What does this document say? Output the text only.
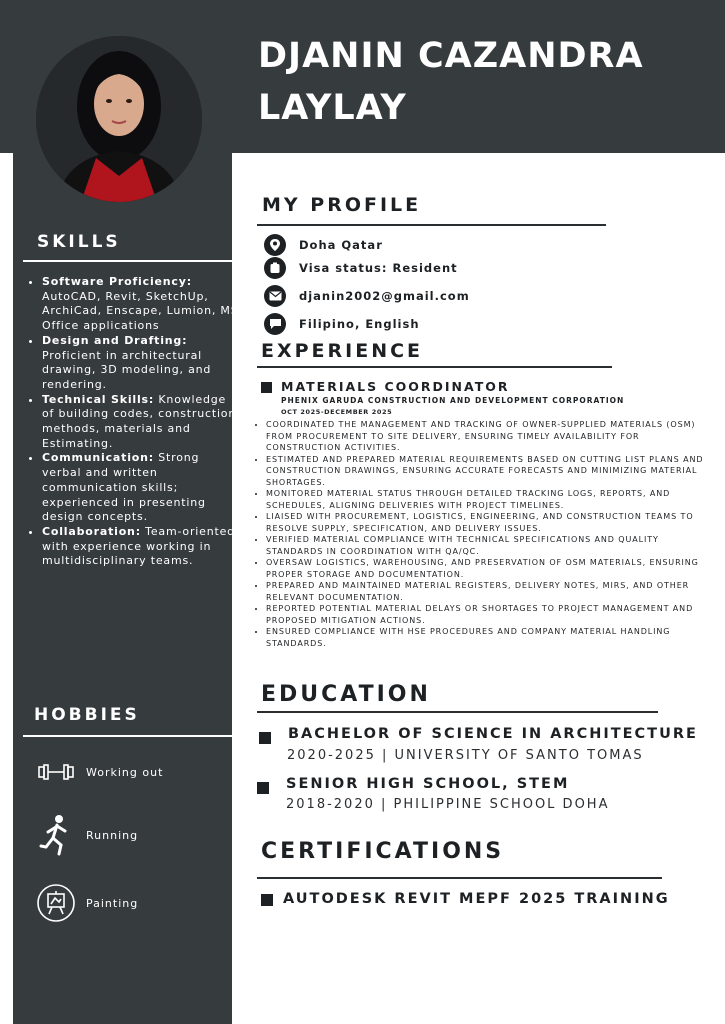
DJANIN CAZANDRA
LAYLAY
SKILLS
• Software Proficiency: AutoCAD, Revit, SketchUp, ArchiCad, Enscape, Lumion, MS Office applications
• Design and Drafting: Proficient in architectural drawing, 3D modeling, and rendering.
• Technical Skills: Knowledge of building codes, construction methods, materials and Estimating.
• Communication: Strong verbal and written communication skills; experienced in presenting design concepts.
• Collaboration: Team-oriented with experience working in multidisciplinary teams.
HOBBIES
Working out
Running
Painting
MY PROFILE
Doha Qatar
Visa status: Resident
djanin2002@gmail.com
Filipino, English
EXPERIENCE
MATERIALS COORDINATOR
PHENIX GARUDA CONSTRUCTION AND DEVELOPMENT CORPORATION
OCT 2025-DECEMBER 2025
• COORDINATED THE MANAGEMENT AND TRACKING OF OWNER-SUPPLIED MATERIALS (OSM) FROM PROCUREMENT TO SITE DELIVERY, ENSURING TIMELY AVAILABILITY FOR CONSTRUCTION ACTIVITIES.
• ESTIMATED AND PREPARED MATERIAL REQUIREMENTS BASED ON CUTTING LIST PLANS AND CONSTRUCTION DRAWINGS, ENSURING ACCURATE FORECASTS AND MINIMIZING MATERIAL SHORTAGES.
• MONITORED MATERIAL STATUS THROUGH DETAILED TRACKING LOGS, REPORTS, AND SCHEDULES, ALIGNING DELIVERIES WITH PROJECT TIMELINES.
• LIAISED WITH PROCUREMENT, LOGISTICS, ENGINEERING, AND CONSTRUCTION TEAMS TO RESOLVE SUPPLY, SPECIFICATION, AND DELIVERY ISSUES.
• VERIFIED MATERIAL COMPLIANCE WITH TECHNICAL SPECIFICATIONS AND QUALITY STANDARDS IN COORDINATION WITH QA/QC.
• OVERSAW LOGISTICS, WAREHOUSING, AND PRESERVATION OF OSM MATERIALS, ENSURING PROPER STORAGE AND DOCUMENTATION.
• PREPARED AND MAINTAINED MATERIAL REGISTERS, DELIVERY NOTES, MIRS, AND OTHER RELEVANT DOCUMENTATION.
• REPORTED POTENTIAL MATERIAL DELAYS OR SHORTAGES TO PROJECT MANAGEMENT AND PROPOSED MITIGATION ACTIONS.
• ENSURED COMPLIANCE WITH HSE PROCEDURES AND COMPANY MATERIAL HANDLING STANDARDS.
EDUCATION
BACHELOR OF SCIENCE IN ARCHITECTURE
2020-2025 | UNIVERSITY OF SANTO TOMAS
SENIOR HIGH SCHOOL, STEM
2018-2020 | PHILIPPINE SCHOOL DOHA
CERTIFICATIONS
AUTODESK REVIT MEPF 2025 TRAINING
